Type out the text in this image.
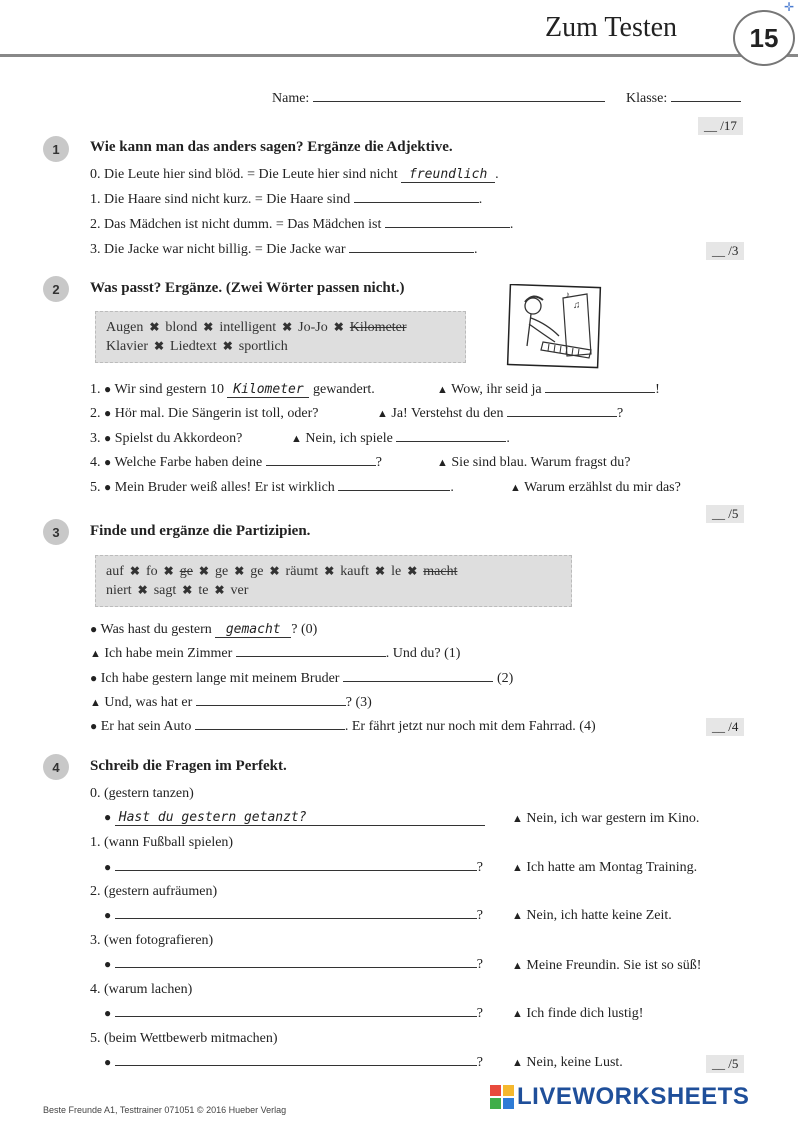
Zum Testen	15
✛
Name:	Klasse:
__ /17
1	Wie kann man das anders sagen? Ergänze die Adjektive.
0. Die Leute hier sind blöd. = Die Leute hier sind nicht freundlich .
1. Die Haare sind nicht kurz. = Die Haare sind	.
2. Das Mädchen ist nicht dumm. = Das Mädchen ist	.
3. Die Jacke war nicht billig. = Die Jacke war	.	__ /3
2	Was passt? Ergänze. (Zwei Wörter passen nicht.)
Augen ✖ blond ✖ intelligent ✖ Jo-Jo ✖ Kilometer
Klavier ✖ Liedtext ✖ sportlich
♪
♫
1. ● Wir sind gestern 10 Kilometer gewandert.	▲ Wow, ihr seid ja	!
2. ● Hör mal. Die Sängerin ist toll, oder?	▲ Ja! Verstehst du den	?
3. ● Spielst du Akkordeon?	▲ Nein, ich spiele	.
4. ● Welche Farbe haben deine	?	▲ Sie sind blau. Warum fragst du?
5. ● Mein Bruder weiß alles! Er ist wirklich	.	▲ Warum erzählst du mir das?
__ /5
3	Finde und ergänze die Partizipien.
auf ✖ fo ✖ ge ✖ ge ✖ ge ✖ räumt ✖ kauft ✖ le ✖ macht
niert ✖ sagt ✖ te ✖ ver
● Was hast du gestern gemacht ? (0)
▲ Ich habe mein Zimmer	. Und du? (1)
● Ich habe gestern lange mit meinem Bruder	(2)
▲ Und, was hat er	? (3)
● Er hat sein Auto	. Er fährt jetzt nur noch mit dem Fahrrad. (4)	__ /4
4	Schreib die Fragen im Perfekt.
0. (gestern tanzen)
● Hast du gestern getanzt?	▲ Nein, ich war gestern im Kino.
1. (wann Fußball spielen)
●	?	▲ Ich hatte am Montag Training.
2. (gestern aufräumen)
●	?	▲ Nein, ich hatte keine Zeit.
3. (wen fotografieren)
●	?	▲ Meine Freundin. Sie ist so süß!
4. (warum lachen)
●	?	▲ Ich finde dich lustig!
5. (beim Wettbewerb mitmachen)
●	?	▲ Nein, keine Lust.	__ /5
Beste Freunde A1, Testtrainer 071051 © 2016 Hueber Verlag	LIVEWORKSHEETS
